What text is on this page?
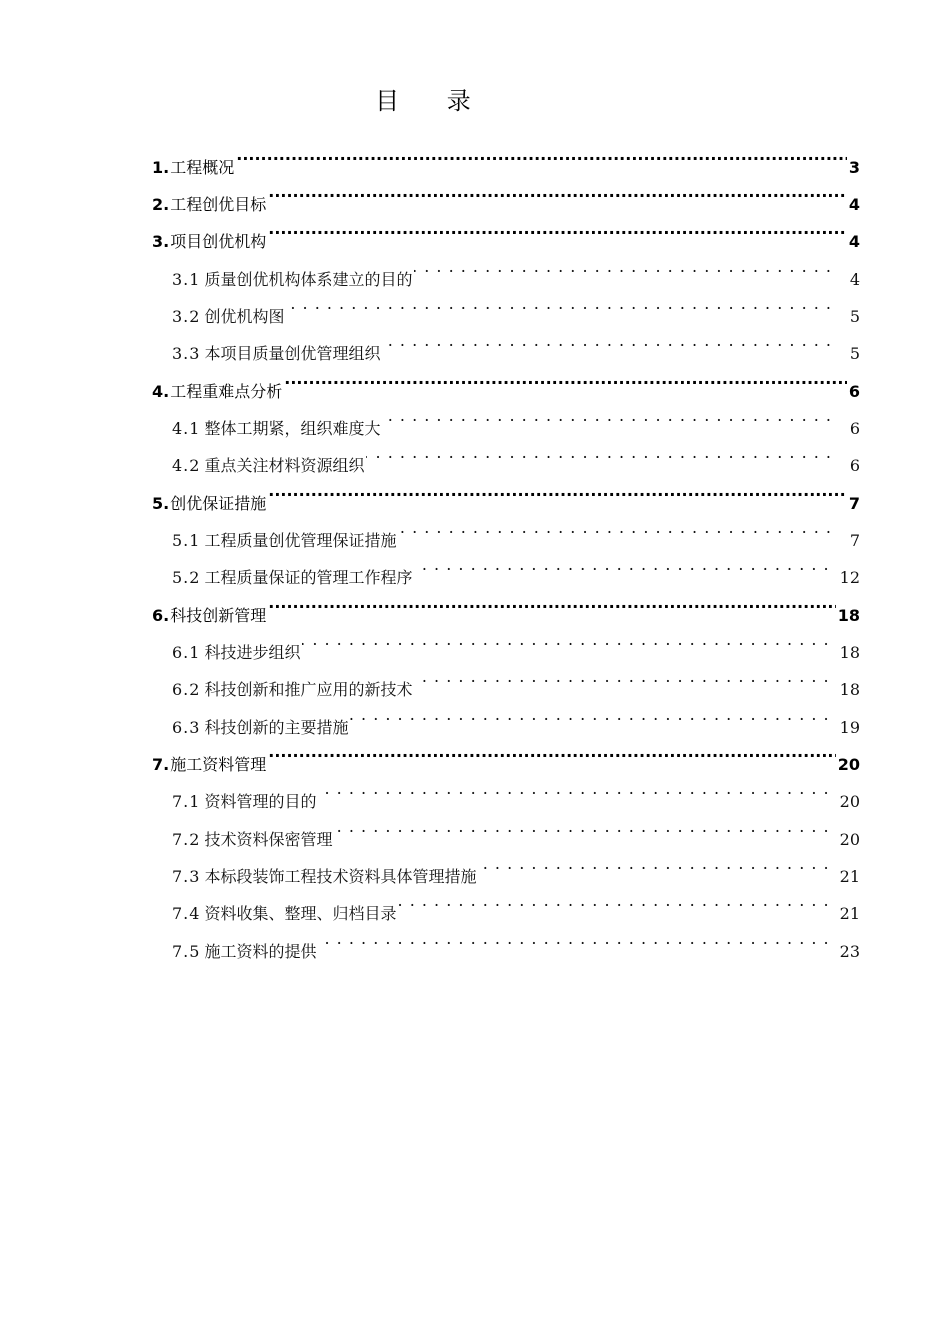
目 录
1. 工程概况 .....	3
2. 工程创优目标 .....	4
3. 项目创优机构 .....	4
3.1 质量创优机构体系建立的目的 . . .	4
3.2 创优机构图 . . .	5
3.3 本项目质量创优管理组织 . . .	5
4. 工程重难点分析 .....	6
4.1 整体工期紧，组织难度大 . . .	6
4.2 重点关注材料资源组织 . . .	6
5. 创优保证措施 .....	7
5.1 工程质量创优管理保证措施 . . .	7
5.2 工程质量保证的管理工作程序 . . .	12
6. 科技创新管理 .....	18
6.1 科技进步组织 . . .	18
6.2 科技创新和推广应用的新技术 . . .	18
6.3 科技创新的主要措施 . . .	19
7. 施工资料管理 .....	20
7.1 资料管理的目的 . . .	20
7.2 技术资料保密管理 . . .	20
7.3 本标段装饰工程技术资料具体管理措施 . . .	21
7.4 资料收集、整理、归档目录 . . .	21
7.5 施工资料的提供 . . .	23
